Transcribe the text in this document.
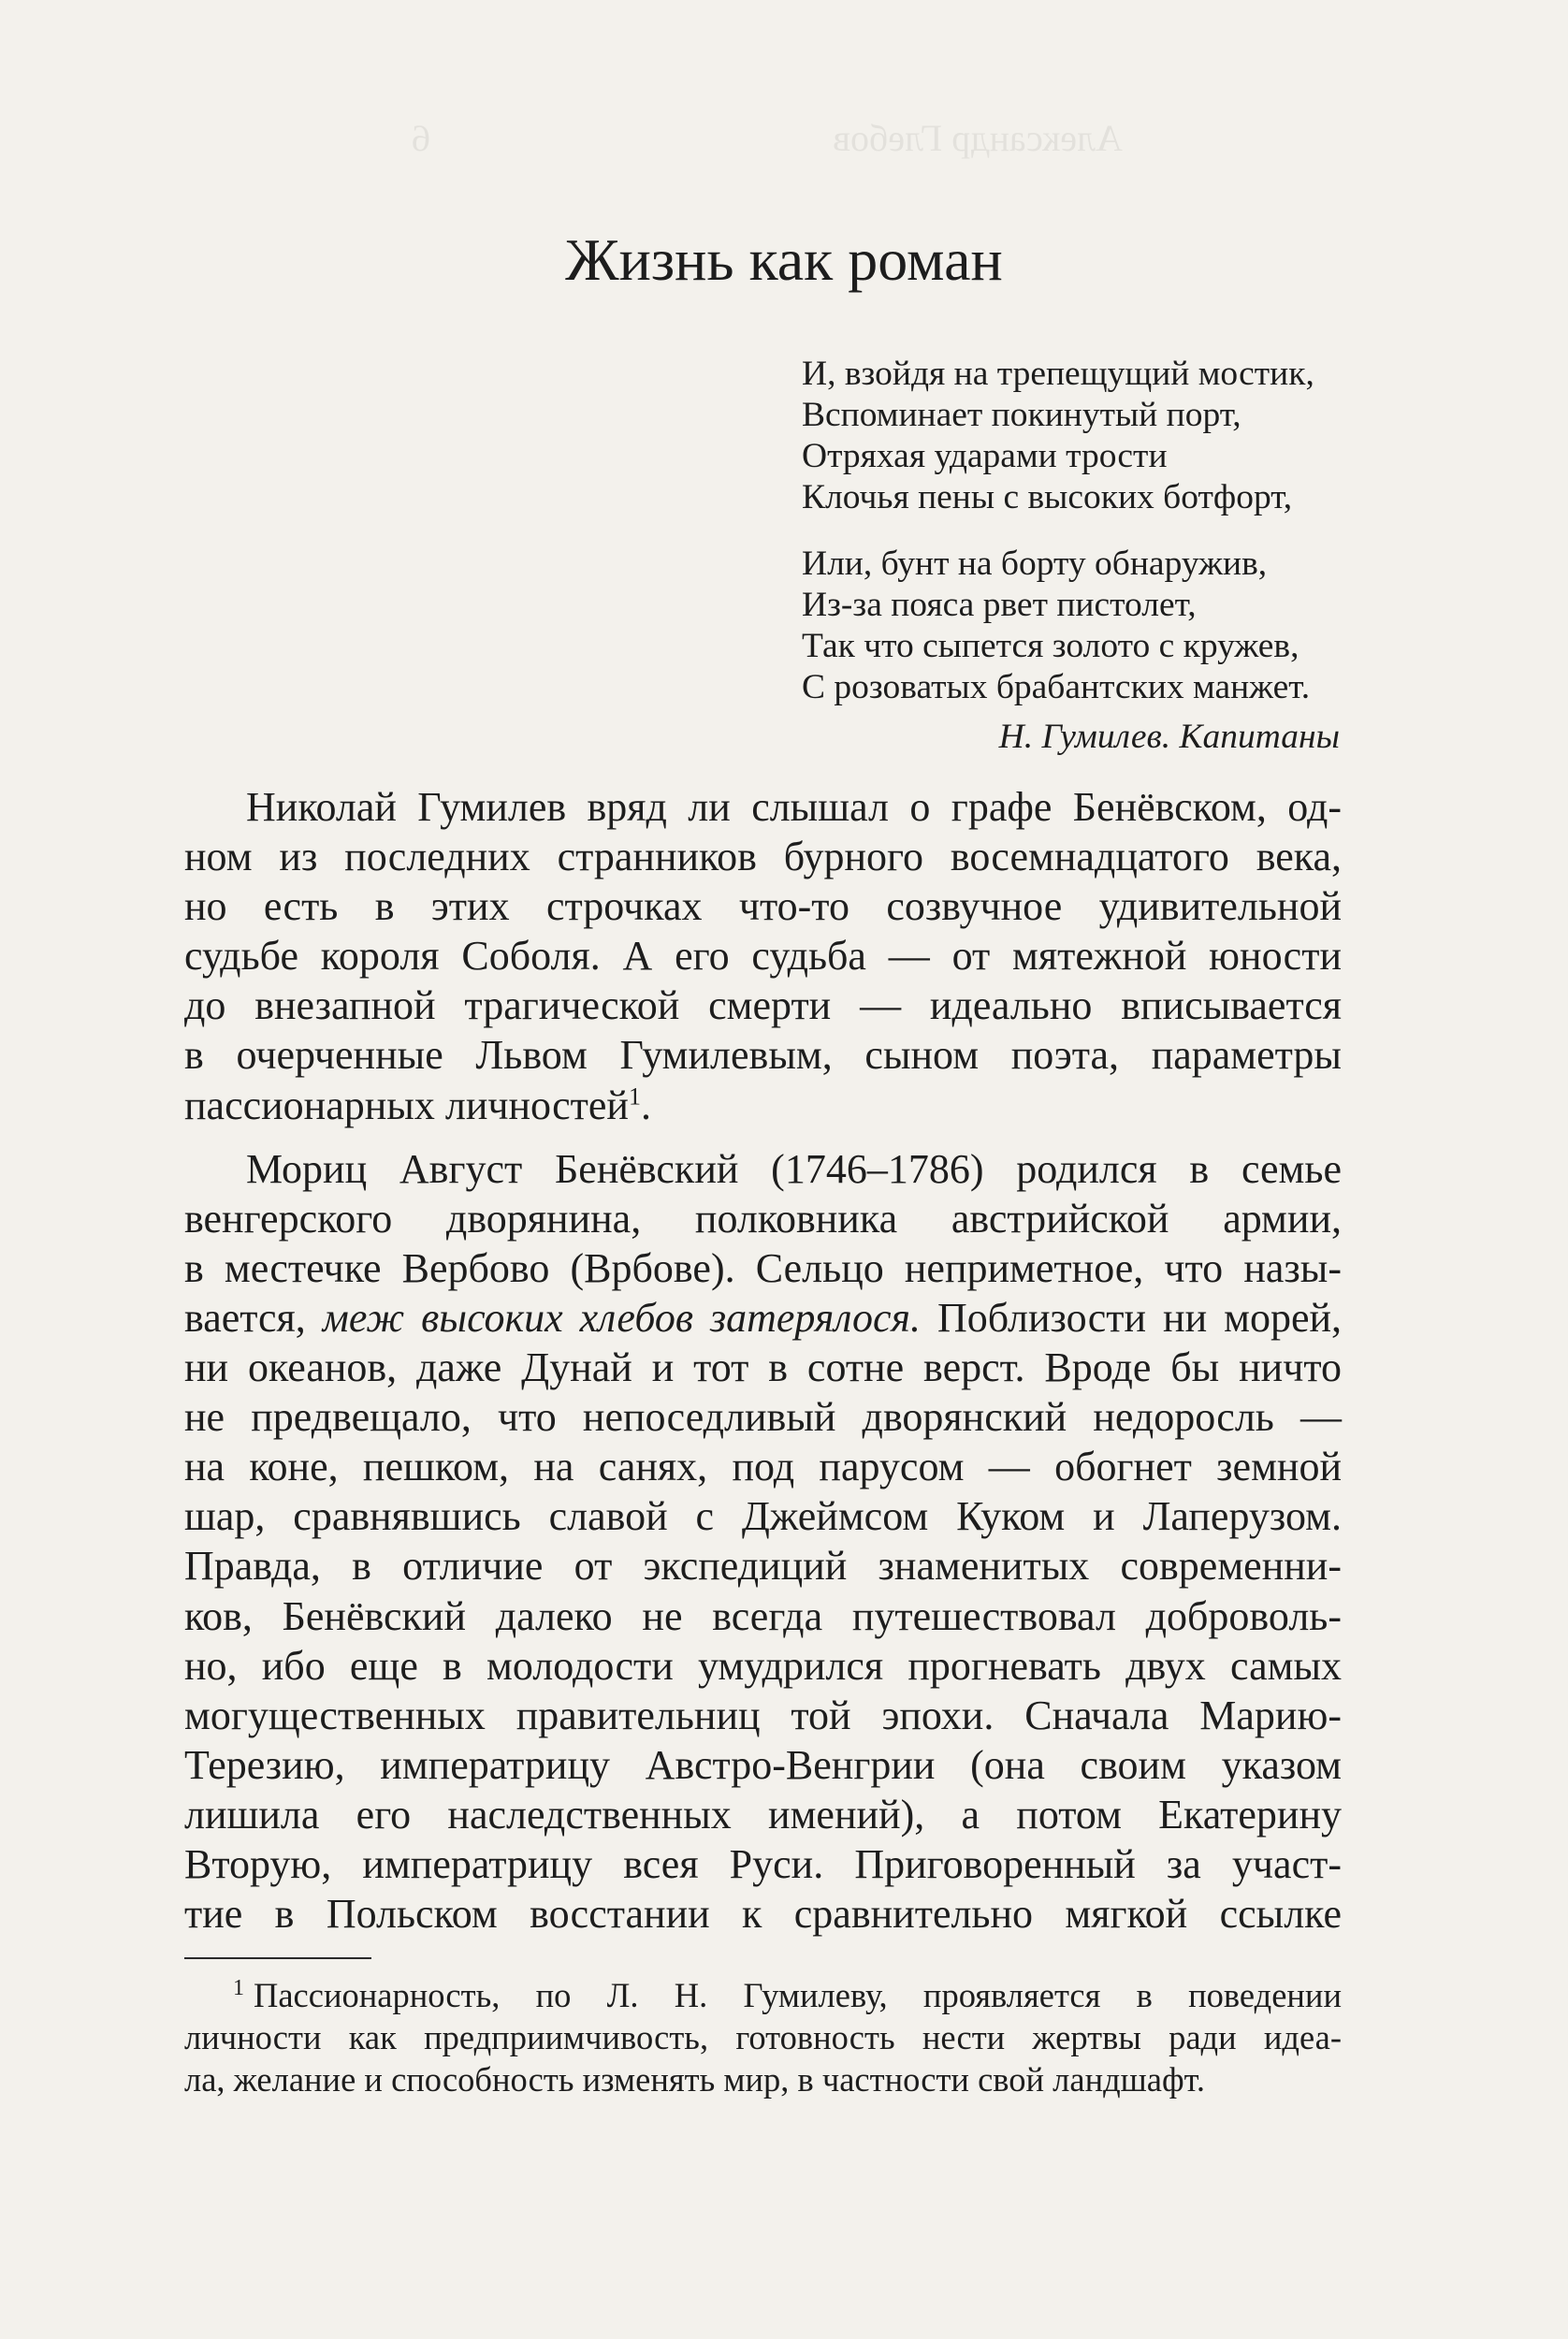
Александр Глебов 6
Жизнь как роман

И, взойдя на трепещущий мостик,
Вспоминает покинутый порт,
Отряхая ударами трости
Клочья пены с высоких ботфорт,

Или, бунт на борту обнаружив,
Из-за пояса рвет пистолет,
Так что сыпется золото с кружев,
С розоватых брабантских манжет.

Н. Гумилев. Капитаны

Николай Гумилев вряд ли слышал о графе Бенёвском, од-
ном из последних странников бурного восемнадцатого века,
но есть в этих строчках что-то созвучное удивительной
судьбе короля Соболя. А его судьба — от мятежной юности
до внезапной трагической смерти — идеально вписывается
в очерченные Львом Гумилевым, сыном поэта, параметры
пассионарных личностей$^1$.

Мориц Август Бенёвский (1746–1786) родился в семье
венгерского дворянина, полковника австрийской армии,
в местечке Вербово (Врбове). Сельцо неприметное, что назы-
вается, меж высоких хлебов затерялося. Поблизости ни морей,
ни океанов, даже Дунай и тот в сотне верст. Вроде бы ничто
не предвещало, что непоседливый дворянский недоросль —
на коне, пешком, на санях, под парусом — обогнет земной
шар, сравнявшись славой с Джеймсом Куком и Лаперузом.
Правда, в отличие от экспедиций знаменитых современни-
ков, Бенёвский далеко не всегда путешествовал доброволь-
но, ибо еще в молодости умудрился прогневать двух самых
могущественных правительниц той эпохи. Сначала Марию-
Терезию, императрицу Австро-Венгрии (она своим указом
лишила его наследственных имений), а потом Екатерину
Вторую, императрицу всея Руси. Приговоренный за участ-
тие в Польском восстании к сравнительно мягкой ссылке

$^1$ Пассионарность, по Л. Н. Гумилеву, проявляется в поведении
личности как предприимчивость, готовность нести жертвы ради идеа-
ла, желание и способность изменять мир, в частности свой ландшафт.
